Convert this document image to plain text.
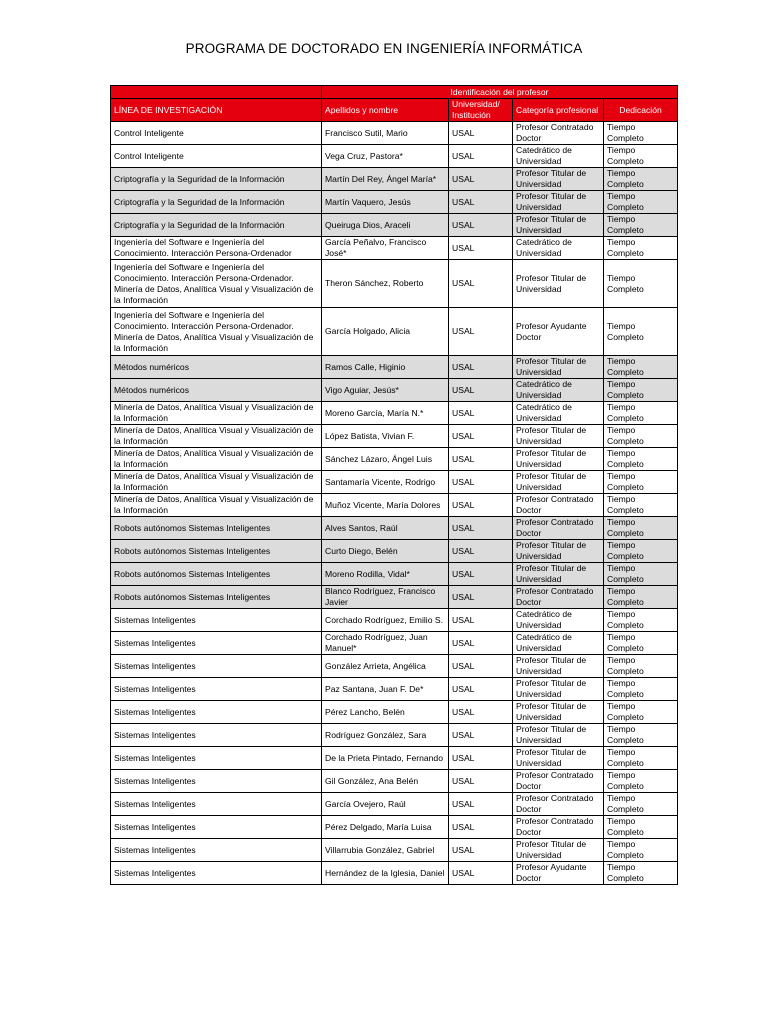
PROGRAMA DE DOCTORADO EN INGENIERÍA INFORMÁTICA
	Identificación del profesor			
LÍNEA DE INVESTIGACIÓN	Apellidos y nombre	Universidad/ Institución	Categoría profesional	Dedicación
Control Inteligente	Francisco Sutil, Mario	USAL	Profesor Contratado Doctor	Tiempo Completo
Control Inteligente	Vega Cruz, Pastora*	USAL	Catedrático de Universidad	Tiempo Completo
Criptografía y la Seguridad de la Información	Martín Del Rey, Ángel María*	USAL	Profesor Titular de Universidad	Tiempo Completo
Criptografía y la Seguridad de la Información	Martín Vaquero, Jesús	USAL	Profesor Titular de Universidad	Tiempo Completo
Criptografía y la Seguridad de la Información	Queiruga Dios, Araceli	USAL	Profesor Titular de Universidad	Tiempo Completo
Ingeniería del Software e Ingeniería del Conocimiento. Interacción Persona-Ordenador	García Peñalvo, Francisco José*	USAL	Catedrático de Universidad	Tiempo Completo
Ingeniería del Software e Ingeniería del Conocimiento. Interacción Persona-Ordenador. Minería de Datos, Analítica Visual y Visualización de la Información	Theron Sánchez, Roberto	USAL	Profesor Titular de Universidad	Tiempo Completo
Ingeniería del Software e Ingeniería del Conocimiento. Interacción Persona-Ordenador. Minería de Datos, Analítica Visual y Visualización de la Información	García Holgado, Alicia	USAL	Profesor Ayudante Doctor	Tiempo Completo
Métodos numéricos	Ramos Calle, Higinio	USAL	Profesor Titular de Universidad	Tiempo Completo
Métodos numéricos	Vigo Aguiar, Jesús*	USAL	Catedrático de Universidad	Tiempo Completo
Minería de Datos, Analítica Visual y Visualización de la Información	Moreno García, María N.*	USAL	Catedrático de Universidad	Tiempo Completo
Minería de Datos, Analítica Visual y Visualización de la Información	López Batista, Vivian F.	USAL	Profesor Titular de Universidad	Tiempo Completo
Minería de Datos, Analítica Visual y Visualización de la Información	Sánchez Lázaro, Ángel Luis	USAL	Profesor Titular de Universidad	Tiempo Completo
Minería de Datos, Analítica Visual y Visualización de la Información	Santamaría Vicente, Rodrigo	USAL	Profesor Titular de Universidad	Tiempo Completo
Minería de Datos, Analítica Visual y Visualización de la Información	Muñoz Vicente, María Dolores	USAL	Profesor Contratado Doctor	Tiempo Completo
Robots autónomos Sistemas Inteligentes	Alves Santos, Raúl	USAL	Profesor Contratado Doctor	Tiempo Completo
Robots autónomos Sistemas Inteligentes	Curto Diego, Belén	USAL	Profesor Titular de Universidad	Tiempo Completo
Robots autónomos Sistemas Inteligentes	Moreno Rodilla, Vidal*	USAL	Profesor Titular de Universidad	Tiempo Completo
Robots autónomos Sistemas Inteligentes	Blanco Rodríguez, Francisco Javier	USAL	Profesor Contratado Doctor	Tiempo Completo
Sistemas Inteligentes	Corchado Rodríguez, Emilio S.	USAL	Catedrático de Universidad	Tiempo Completo
Sistemas Inteligentes	Corchado Rodríguez, Juan Manuel*	USAL	Catedrático de Universidad	Tiempo Completo
Sistemas Inteligentes	González Arrieta, Angélica	USAL	Profesor Titular de Universidad	Tiempo Completo
Sistemas Inteligentes	Paz Santana, Juan F. De*	USAL	Profesor Titular de Universidad	Tiempo Completo
Sistemas Inteligentes	Pérez Lancho, Belén	USAL	Profesor Titular de Universidad	Tiempo Completo
Sistemas Inteligentes	Rodríguez González, Sara	USAL	Profesor Titular de Universidad	Tiempo Completo
Sistemas Inteligentes	De la Prieta Pintado, Fernando	USAL	Profesor Titular de Universidad	Tiempo Completo
Sistemas Inteligentes	Gil González, Ana Belén	USAL	Profesor Contratado Doctor	Tiempo Completo
Sistemas Inteligentes	García Ovejero, Raúl	USAL	Profesor Contratado Doctor	Tiempo Completo
Sistemas Inteligentes	Pérez Delgado, María Luisa	USAL	Profesor Contratado Doctor	Tiempo Completo
Sistemas Inteligentes	Villarrubia González, Gabriel	USAL	Profesor Titular de Universidad	Tiempo Completo
Sistemas Inteligentes	Hernández de la Iglesia, Daniel	USAL	Profesor Ayudante Doctor	Tiempo Completo
